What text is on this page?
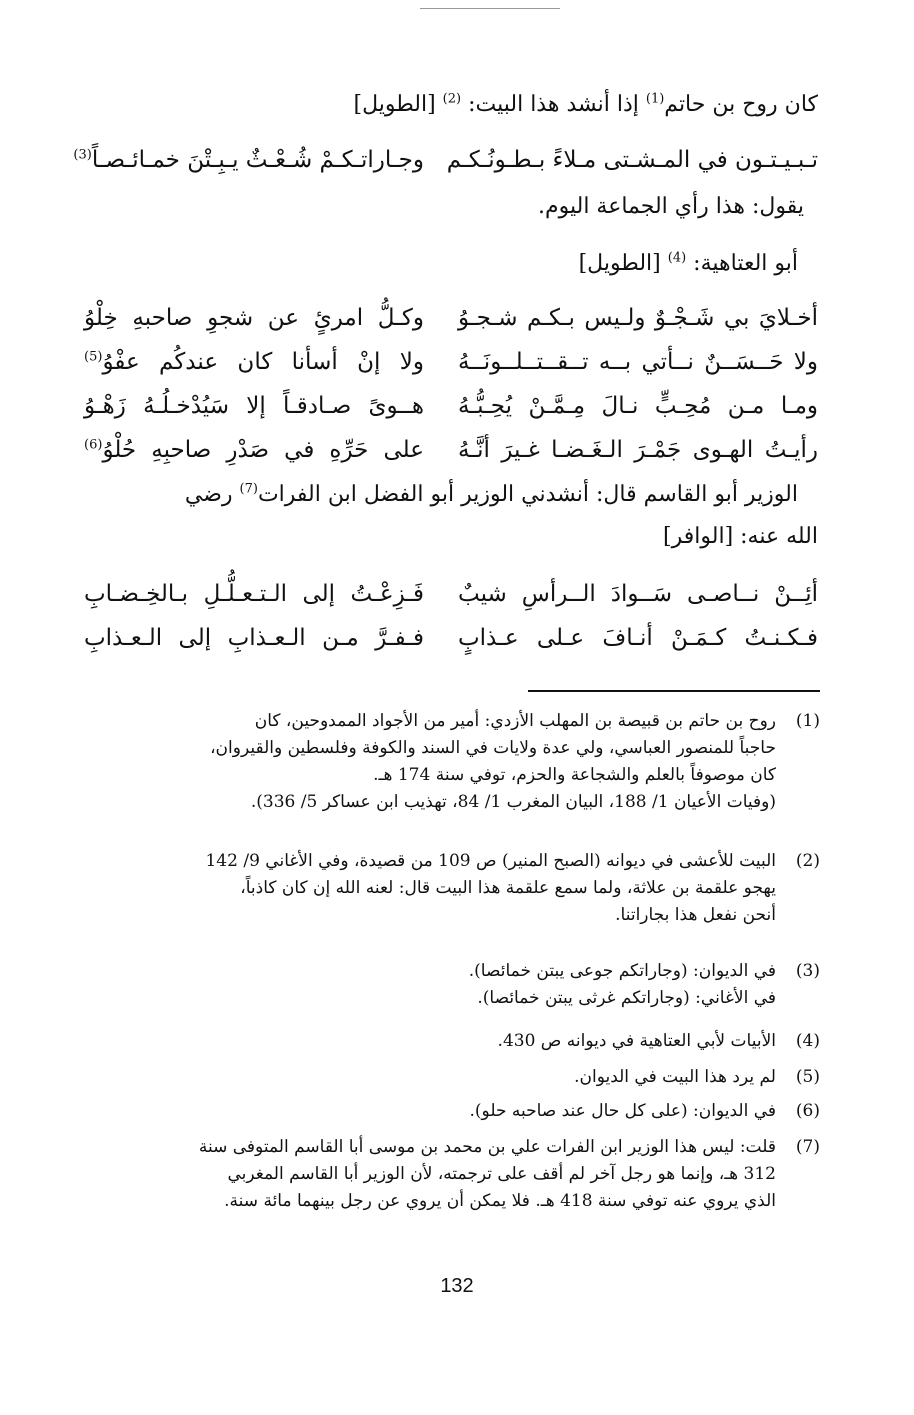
كان روح بن حاتم$^{(1)}$ إذا أنشد هذا البيت: $^{(2)}$ [الطويل]
تـبـيـتـون في المـشـتى مـلاءً بـطـونُـكـم
وجـاراتـكـمْ شُـعْـثٌ يـبِـتْنَ خمـائـصـاً$^{(3)}$
يقول: هذا رأي الجماعة اليوم.
أبو العتاهية: $^{(4)}$ [الطويل]
أخـلايَ بي شَـجْـوٌ ولـيس بـكـم شـجـوُ
وكـلُّ امرئٍ عن شجوِ صاحبهِ خِلْوُ
ولا حَــسَــنٌ نــأتي بــه تــقــتــلــونَــهُ
ولا إنْ أسأنا كان عندكُم عفْوُ$^{(5)}$
ومـا مـن مُحِـبٍّ نـالَ مِـمَّـنْ يُحِـبُّـهُ
هــوىً صـادقـاً إلا سَيُدْخـلُـهُ زَهْـوُ
رأيـتُ الهـوى جَمْـرَ الـغَـضـا غـيرَ أنَّـهُ
على حَرِّهِ في صَدْرِ صاحبِهِ حُلْوُ$^{(6)}$
الوزير أبو القاسم قال: أنشدني الوزير أبو الفضل ابن الفرات$^{(7)}$ رضي
الله عنه: [الوافر]
أئِــنْ نــاصـى سَــوادَ الــرأسِ شيبٌ
فَـزِعْـتُ إلى الـتـعـلُّـلِ بـالخِـضـابِ
فـكـنـتُ كـمَـنْ أنـافَ عـلى عـذابٍ
فـفـرَّ مـن الـعـذابِ إلى الـعـذابِ
(1)
روح بن حاتم بن قبيصة بن المهلب الأزدي: أمير من الأجواد الممدوحين، كان
حاجباً للمنصور العباسي، ولي عدة ولايات في السند والكوفة وفلسطين والقيروان،
كان موصوفاً بالعلم والشجاعة والحزم، توفي سنة 174 هـ.
(وفيات الأعيان 1/ 188، البيان المغرب 1/ 84، تهذيب ابن عساكر 5/ 336).
(2)
البيت للأعشى في ديوانه (الصبح المنير) ص 109 من قصيدة، وفي الأغاني 9/ 142
يهجو علقمة بن علاثة، ولما سمع علقمة هذا البيت قال: لعنه الله إن كان كاذباً،
أنحن نفعل هذا بجاراتنا.
(3)
في الديوان: (وجاراتكم جوعى يبتن خمائصا).
في الأغاني: (وجاراتكم غرثى يبتن خمائصا).
(4)
الأبيات لأبي العتاهية في ديوانه ص 430.
(5)
لم يرد هذا البيت في الديوان.
(6)
في الديوان: (على كل حال عند صاحبه حلو).
(7)
قلت: ليس هذا الوزير ابن الفرات علي بن محمد بن موسى أبا القاسم المتوفى سنة
312 هـ، وإنما هو رجل آخر لم أقف على ترجمته، لأن الوزير أبا القاسم المغربي
الذي يروي عنه توفي سنة 418 هـ. فلا يمكن أن يروي عن رجل بينهما مائة سنة.
132
